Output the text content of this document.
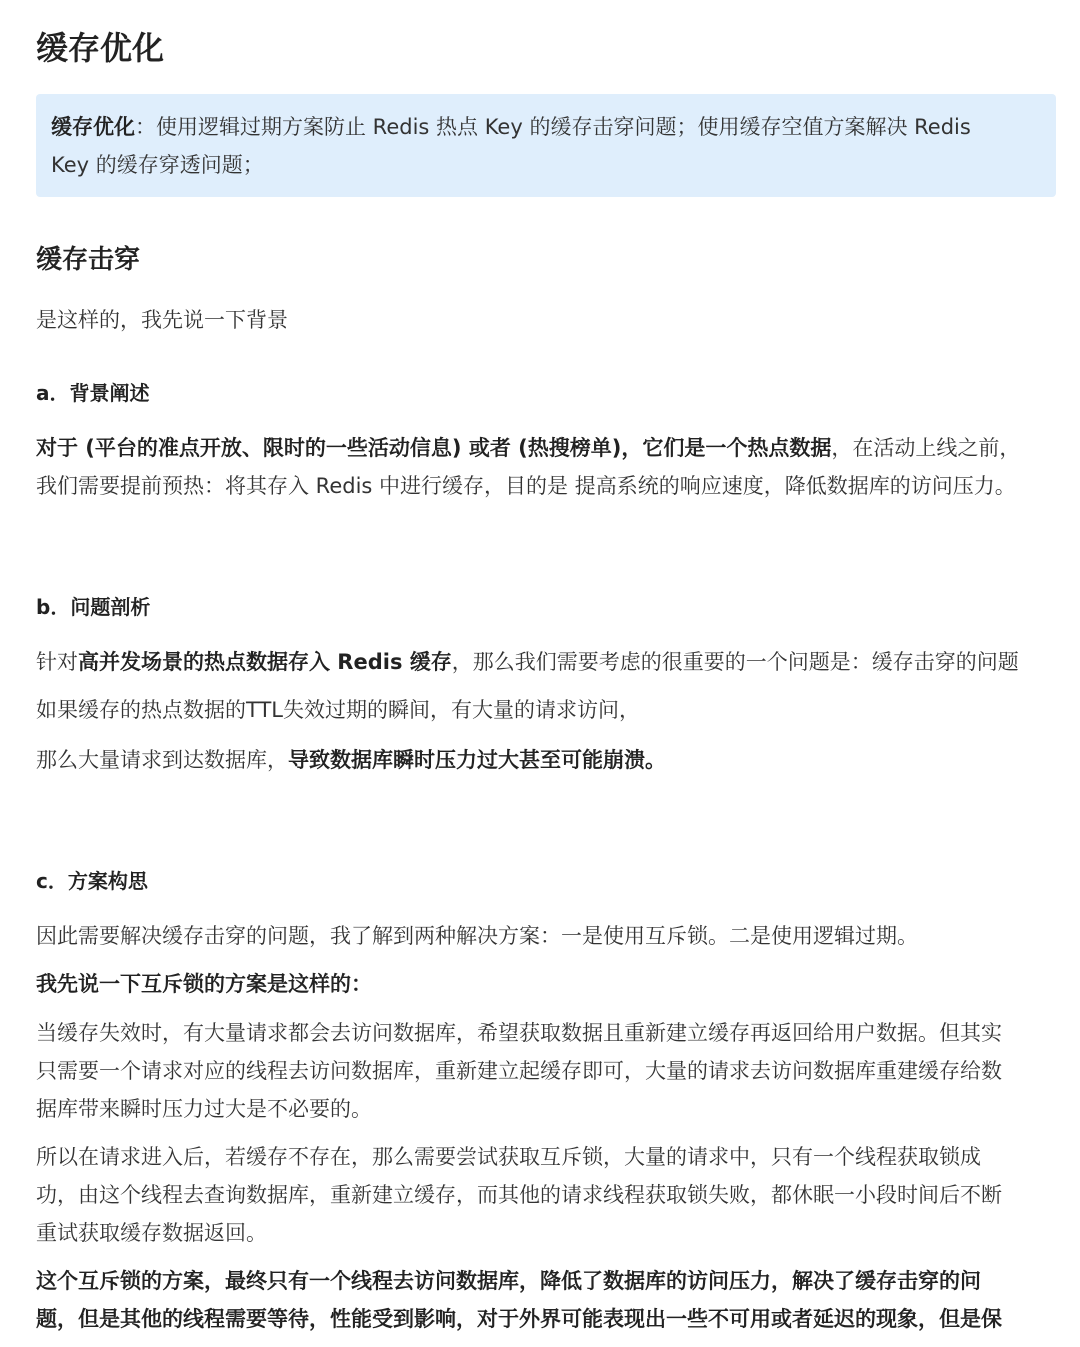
缓存优化
缓存优化：使用逻辑过期方案防止 Redis 热点 Key 的缓存击穿问题；使用缓存空值方案解决 Redis
Key 的缓存穿透问题；
缓存击穿

是这样的，我先说一下背景

a．背景阐述

对于 (平台的准点开放、限时的一些活动信息) 或者 (热搜榜单)，它们是一个热点数据，在活动上线之前，

我们需要提前预热：将其存入 Redis 中进行缓存，目的是 提高系统的响应速度，降低数据库的访问压力。

b．问题剖析

针对高并发场景的热点数据存入 Redis 缓存，那么我们需要考虑的很重要的一个问题是：缓存击穿的问题

如果缓存的热点数据的TTL失效过期的瞬间，有大量的请求访问，

那么大量请求到达数据库，导致数据库瞬时压力过大甚至可能崩溃。

c．方案构思

因此需要解决缓存击穿的问题，我了解到两种解决方案：一是使用互斥锁。二是使用逻辑过期。

我先说一下互斥锁的方案是这样的：

当缓存失效时，有大量请求都会去访问数据库，希望获取数据且重新建立缓存再返回给用户数据。但其实

只需要一个请求对应的线程去访问数据库，重新建立起缓存即可，大量的请求去访问数据库重建缓存给数

据库带来瞬时压力过大是不必要的。

所以在请求进入后，若缓存不存在，那么需要尝试获取互斥锁，大量的请求中，只有一个线程获取锁成

功，由这个线程去查询数据库，重新建立缓存，而其他的请求线程获取锁失败，都休眠一小段时间后不断

重试获取缓存数据返回。

这个互斥锁的方案，最终只有一个线程去访问数据库，降低了数据库的访问压力，解决了缓存击穿的问

题，但是其他的线程需要等待，性能受到影响，对于外界可能表现出一些不可用或者延迟的现象，但是保
